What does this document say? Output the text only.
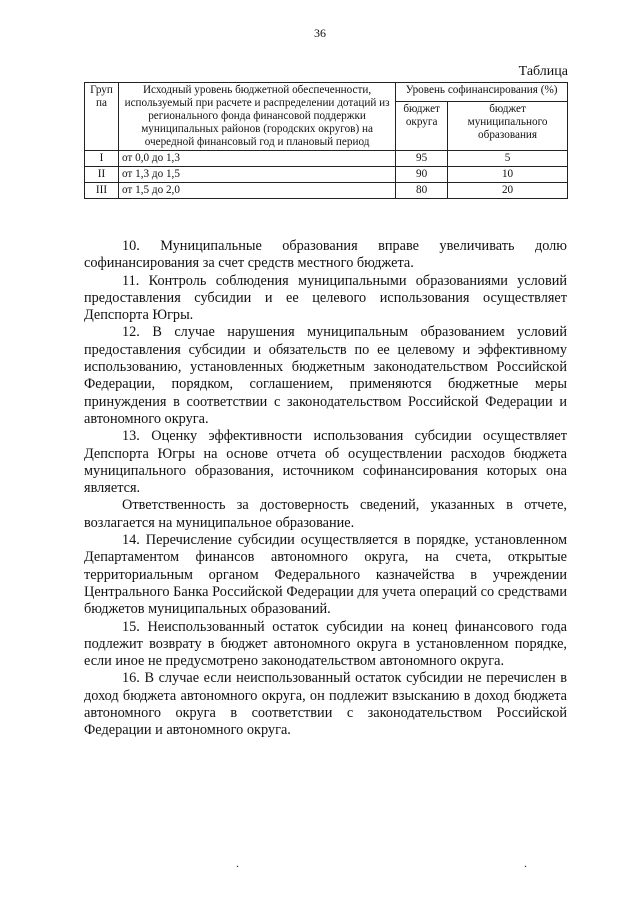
36
Таблица
Груп па	Исходный уровень бюджетной обеспеченности, используемый при расчете и распределении дотаций из регионального фонда финансовой поддержки муниципальных районов (городских округов) на очередной финансовый год и плановый период	Уровень софинансирования (%)	
		бюджет округа	бюджет муниципального образования
I	от 0,0 до 1,3	95	5
II	от 1,3 до 1,5	90	10
III	от 1,5 до 2,0	80	20

10. Муниципальные образования вправе увеличивать долю софинансирования за счет средств местного бюджета.

11. Контроль соблюдения муниципальными образованиями условий предоставления субсидии и ее целевого использования осуществляет Депспорта Югры.

12. В случае нарушения муниципальным образованием условий предоставления субсидии и обязательств по ее целевому и эффективному использованию, установленных бюджетным законодательством Российской Федерации, порядком, соглашением, применяются бюджетные меры принуждения в соответствии с законодательством Российской Федерации и автономного округа.

13. Оценку эффективности использования субсидии осуществляет Депспорта Югры на основе отчета об осуществлении расходов бюджета муниципального образования, источником софинансирования которых она является.

Ответственность за достоверность сведений, указанных в отчете, возлагается на муниципальное образование.

14. Перечисление субсидии осуществляется в порядке, установленном Департаментом финансов автономного округа, на счета, открытые территориальным органом Федерального казначейства в учреждении Центрального Банка Российской Федерации для учета операций со средствами бюджетов муниципальных образований.

15. Неиспользованный остаток субсидии на конец финансового года подлежит возврату в бюджет автономного округа в установленном порядке, если иное не предусмотрено законодательством автономного округа.

16. В случае если неиспользованный остаток субсидии не перечислен в доход бюджета автономного округа, он подлежит взысканию в доход бюджета автономного округа в соответствии с законодательством Российской Федерации и автономного округа.

.	.
